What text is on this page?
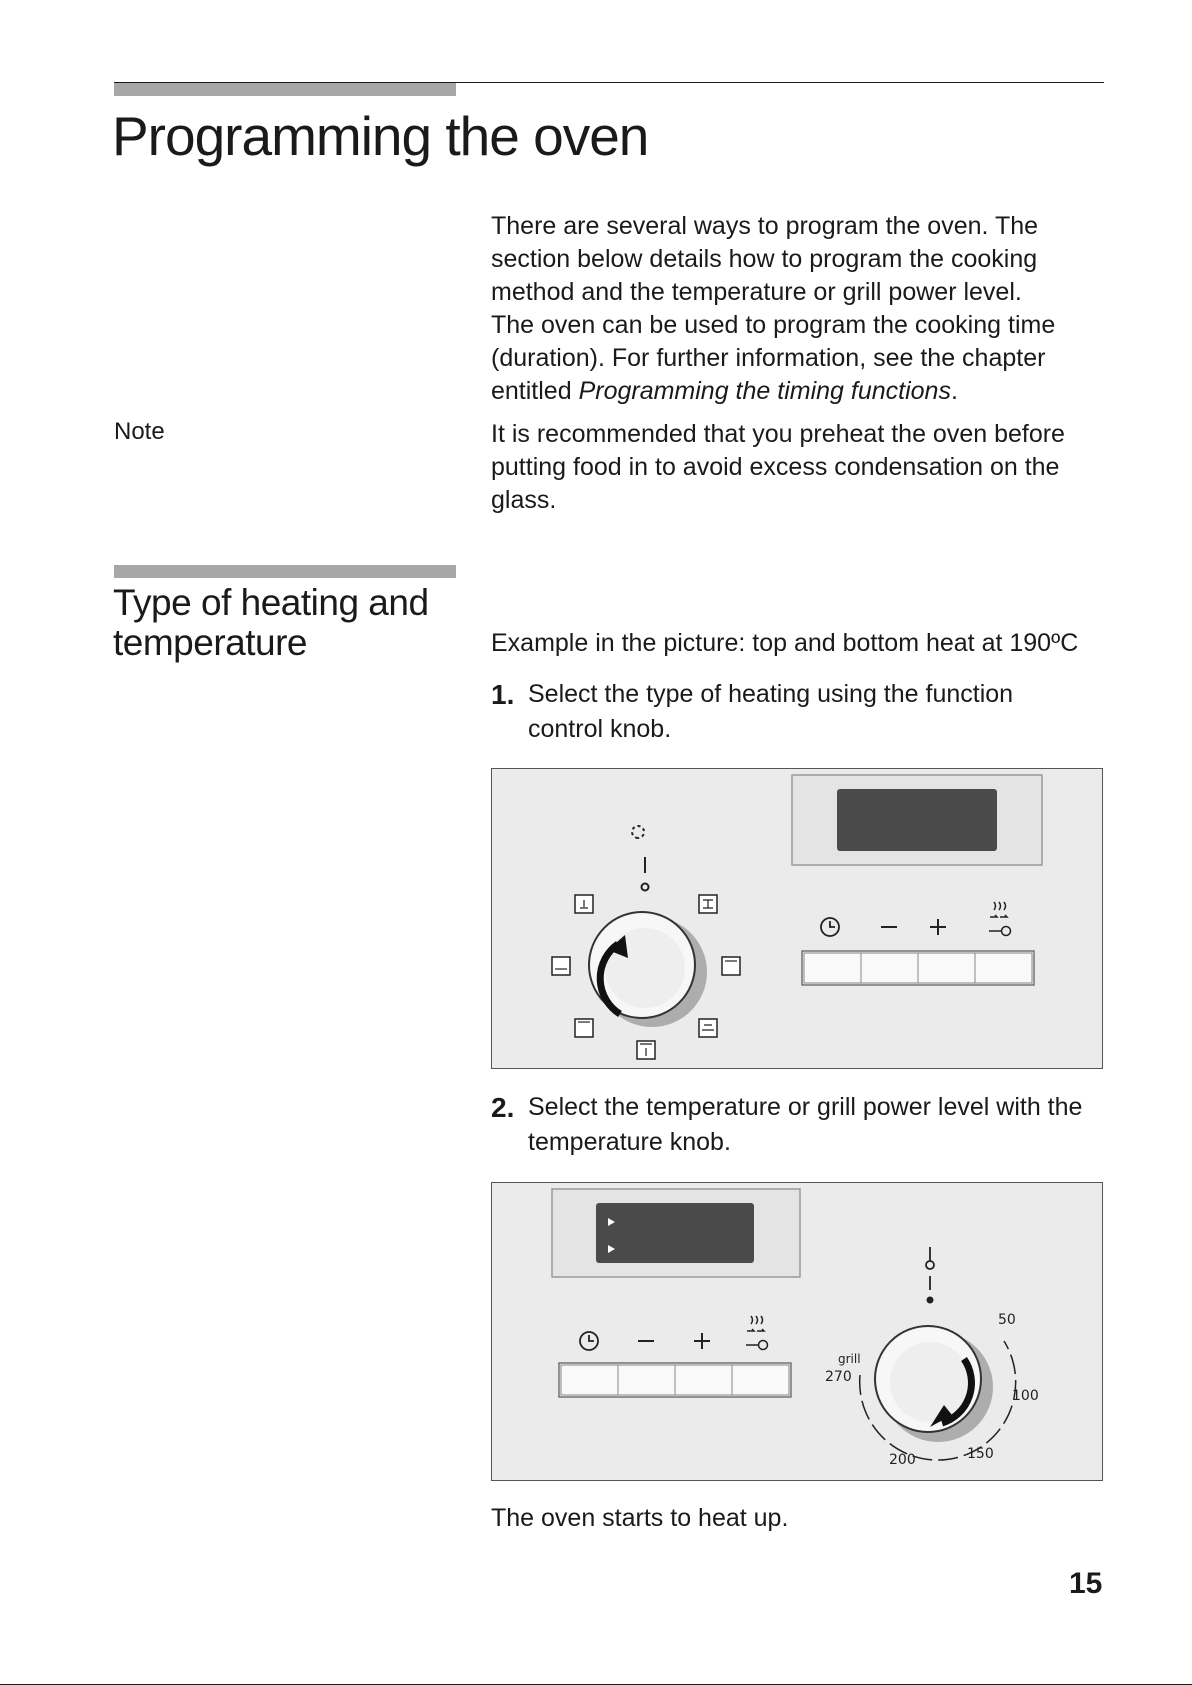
Programming the oven
There are several ways to program the oven. The
section below details how to program the cooking
method and the temperature or grill power level.
The oven can be used to program the cooking time
(duration). For further information, see the chapter
entitled Programming the timing functions.
Note	It is recommended that you preheat the oven before
putting food in to avoid excess condensation on the
glass.
Type of heating and
temperature	Example in the picture: top and bottom heat at 190ºC
1. Select the type of heating using the function
control knob.
2. Select the temperature or grill power level with the
temperature knob.
grill
270
50
100
150
200
The oven starts to heat up.
15
